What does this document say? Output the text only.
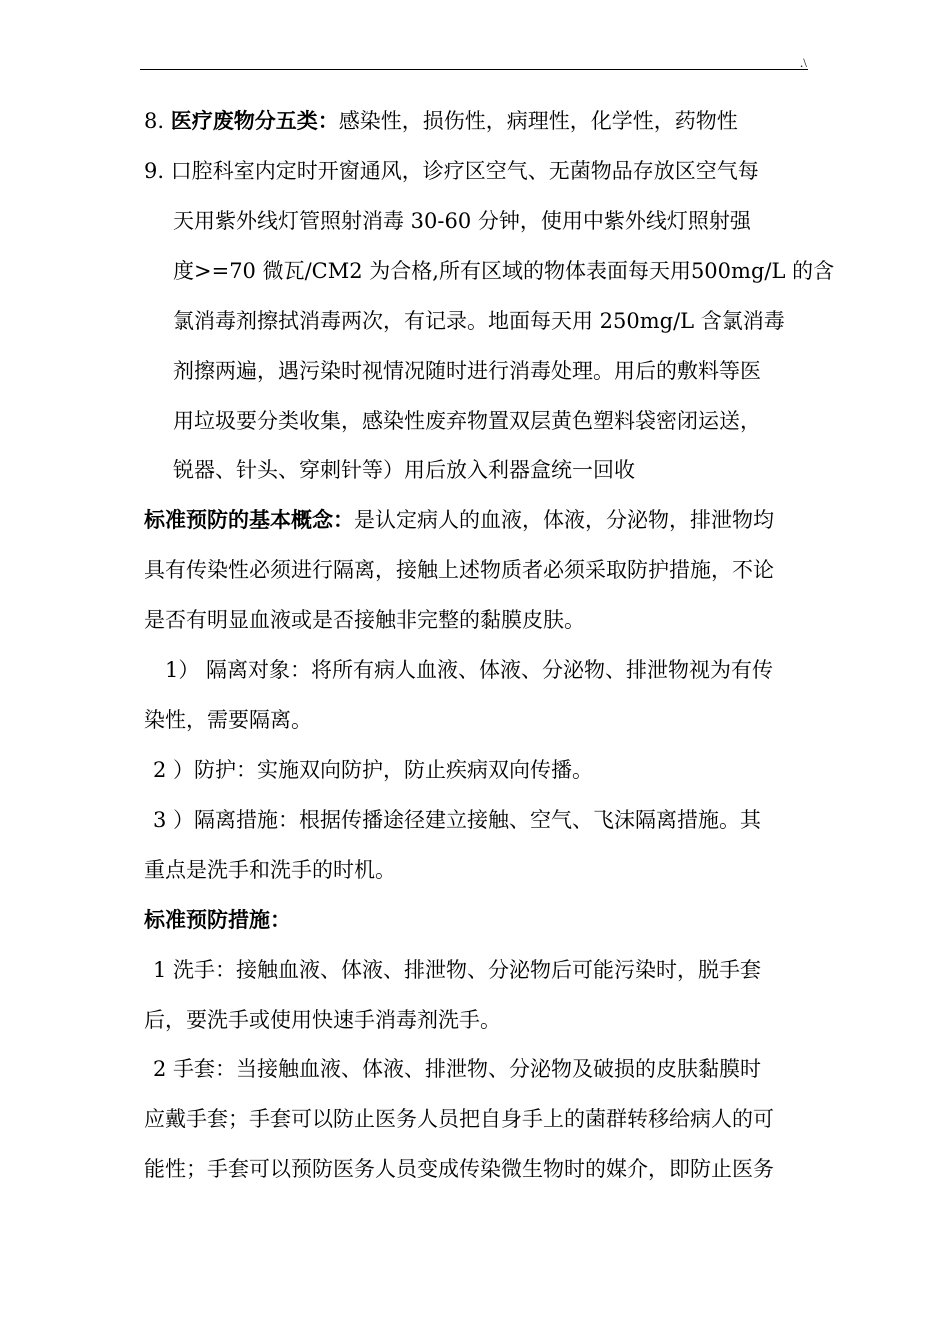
.\
8. 医疗废物分五类：感染性，损伤性，病理性，化学性，药物性
9. 口腔科室内定时开窗通风，诊疗区空气、无菌物品存放区空气每
天用紫外线灯管照射消毒 30-60 分钟，使用中紫外线灯照射强
度>=70 微瓦/CM2 为合格,所有区域的物体表面每天用500mg/L 的含
氯消毒剂擦拭消毒两次，有记录。地面每天用 250mg/L 含氯消毒
剂擦两遍，遇污染时视情况随时进行消毒处理。用后的敷料等医
用垃圾要分类收集，感染性废弃物置双层黄色塑料袋密闭运送，
锐器、针头、穿刺针等）用后放入利器盒统一回收
标准预防的基本概念：是认定病人的血液，体液，分泌物，排泄物均
具有传染性必须进行隔离，接触上述物质者必须采取防护措施，不论
是否有明显血液或是否接触非完整的黏膜皮肤。
1） 隔离对象：将所有病人血液、体液、分泌物、排泄物视为有传
染性，需要隔离。
2 ）防护：实施双向防护，防止疾病双向传播。
3 ）隔离措施：根据传播途径建立接触、空气、飞沫隔离措施。其
重点是洗手和洗手的时机。
标准预防措施：
1 洗手：接触血液、体液、排泄物、分泌物后可能污染时，脱手套
后，要洗手或使用快速手消毒剂洗手。
2 手套：当接触血液、体液、排泄物、分泌物及破损的皮肤黏膜时
应戴手套；手套可以防止医务人员把自身手上的菌群转移给病人的可
能性；手套可以预防医务人员变成传染微生物时的媒介，即防止医务
